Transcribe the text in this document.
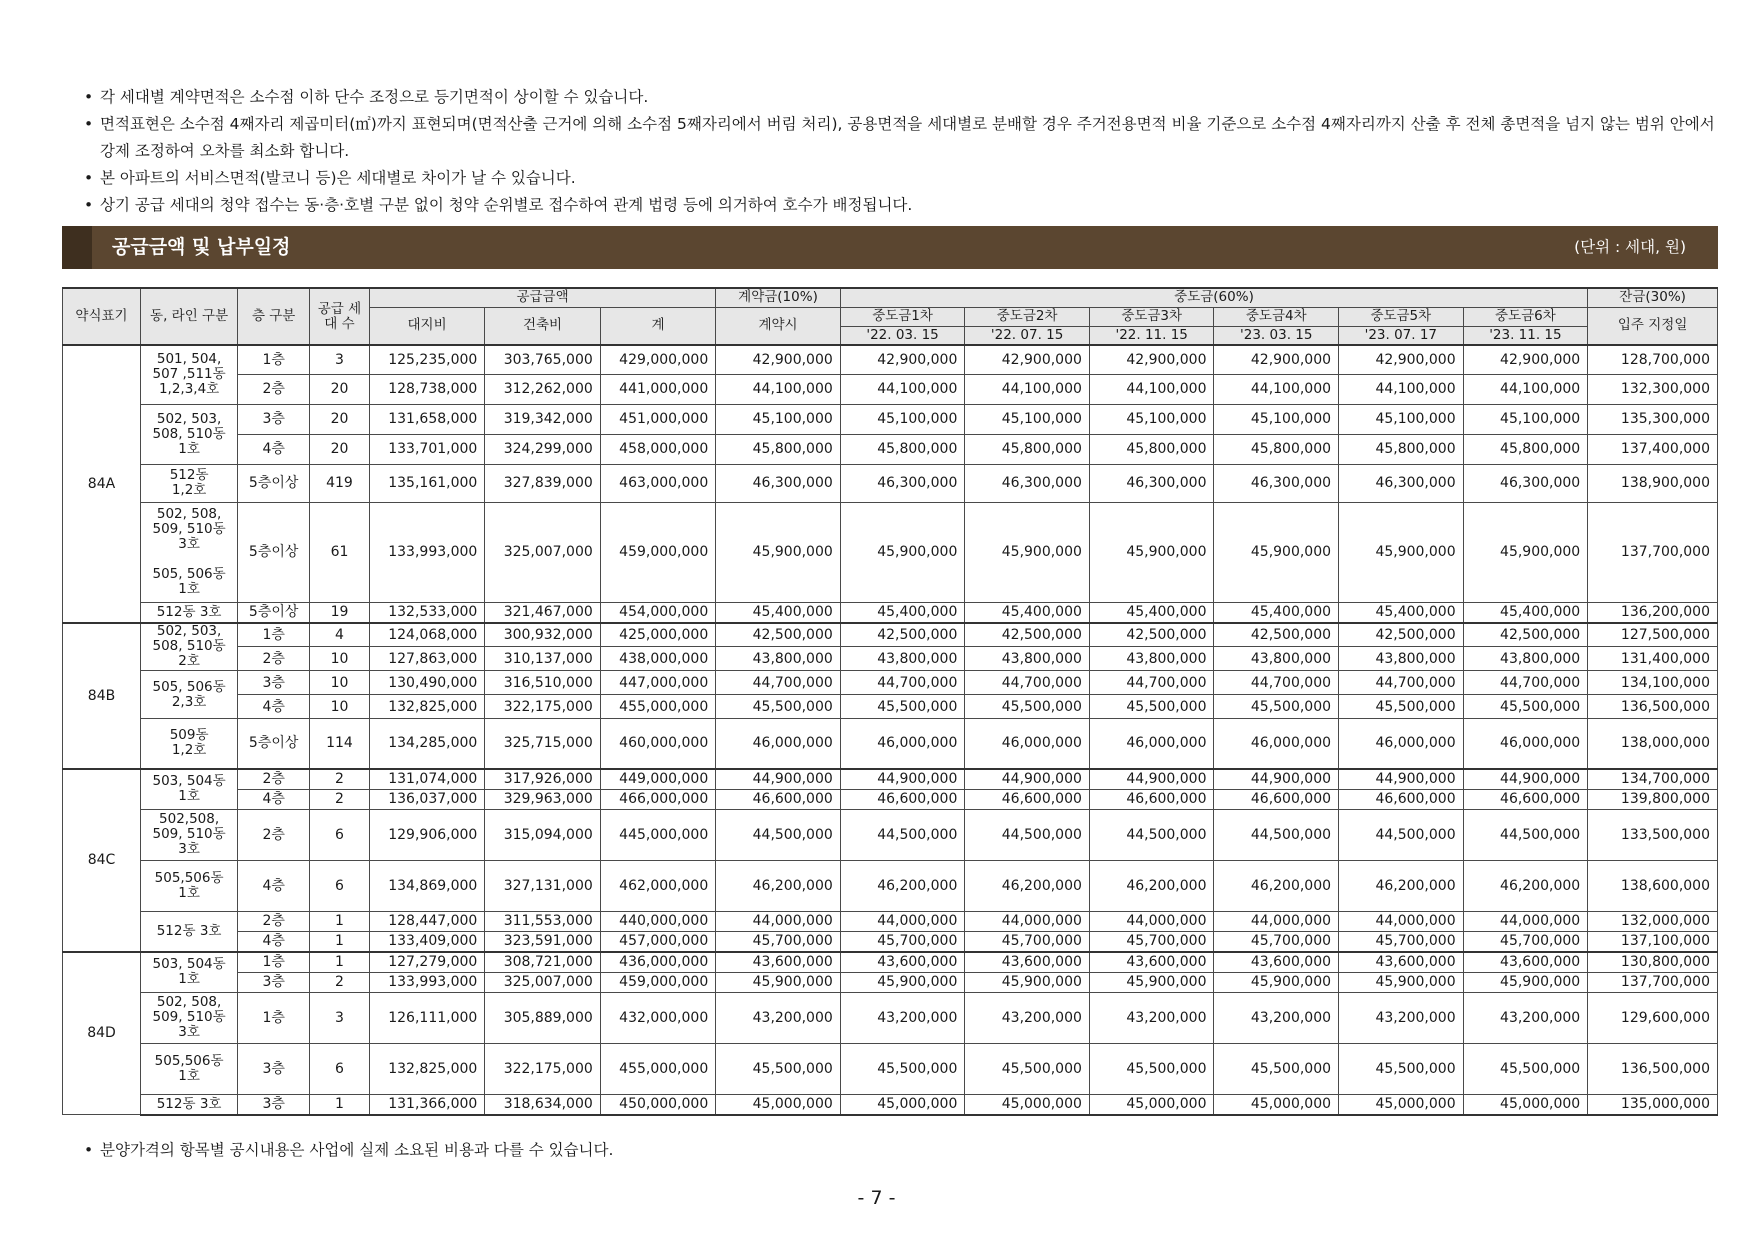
• 각 세대별 계약면적은 소수점 이하 단수 조정으로 등기면적이 상이할 수 있습니다.
• 면적표현은 소수점 4째자리 제곱미터(㎡)까지 표현되며(면적산출 근거에 의해 소수점 5째자리에서 버림 처리), 공용면적을 세대별로 분배할 경우 주거전용면적 비율 기준으로 소수점 4째자리까지 산출 후 전체 총면적을 넘지 않는 범위 안에서 강제 조정하여 오차를 최소화 합니다.
• 본 아파트의 서비스면적(발코니 등)은 세대별로 차이가 날 수 있습니다.
• 상기 공급 세대의 청약 접수는 동·층·호별 구분 없이 청약 순위별로 접수하여 관계 법령 등에 의거하여 호수가 배정됩니다.
공급금액 및 납부일정	(단위 : 세대, 원)
약식표기	동, 라인 구분	층 구분	공급 세대 수	공급금액			계약금(10%)	중도금(60%)						잔금(30%)
				대지비	건축비	계	계약시	중도금1차	중도금2차	중도금3차	중도금4차	중도금5차	중도금6차	입주 지정일
								'22. 03. 15	'22. 07. 15	'22. 11. 15	'23. 03. 15	'23. 07. 17	'23. 11. 15	
84A	501, 504,
507 ,511동
1,2,3,4호	1층	3	125,235,000	303,765,000	429,000,000	42,900,000	42,900,000	42,900,000	42,900,000	42,900,000	42,900,000	42,900,000	128,700,000
		2층	20	128,738,000	312,262,000	441,000,000	44,100,000	44,100,000	44,100,000	44,100,000	44,100,000	44,100,000	44,100,000	132,300,000
	502, 503,
508, 510동
1호	3층	20	131,658,000	319,342,000	451,000,000	45,100,000	45,100,000	45,100,000	45,100,000	45,100,000	45,100,000	45,100,000	135,300,000
		4층	20	133,701,000	324,299,000	458,000,000	45,800,000	45,800,000	45,800,000	45,800,000	45,800,000	45,800,000	45,800,000	137,400,000
	512동
1,2호	5층이상	419	135,161,000	327,839,000	463,000,000	46,300,000	46,300,000	46,300,000	46,300,000	46,300,000	46,300,000	46,300,000	138,900,000
	502, 508,
509, 510동
3호

505, 506동
1호	5층이상	61	133,993,000	325,007,000	459,000,000	45,900,000	45,900,000	45,900,000	45,900,000	45,900,000	45,900,000	45,900,000	137,700,000
	512동 3호	5층이상	19	132,533,000	321,467,000	454,000,000	45,400,000	45,400,000	45,400,000	45,400,000	45,400,000	45,400,000	45,400,000	136,200,000
84B	502, 503,
508, 510동
2호	1층	4	124,068,000	300,932,000	425,000,000	42,500,000	42,500,000	42,500,000	42,500,000	42,500,000	42,500,000	42,500,000	127,500,000
		2층	10	127,863,000	310,137,000	438,000,000	43,800,000	43,800,000	43,800,000	43,800,000	43,800,000	43,800,000	43,800,000	131,400,000
	505, 506동
2,3호	3층	10	130,490,000	316,510,000	447,000,000	44,700,000	44,700,000	44,700,000	44,700,000	44,700,000	44,700,000	44,700,000	134,100,000
		4층	10	132,825,000	322,175,000	455,000,000	45,500,000	45,500,000	45,500,000	45,500,000	45,500,000	45,500,000	45,500,000	136,500,000
	509동
1,2호	5층이상	114	134,285,000	325,715,000	460,000,000	46,000,000	46,000,000	46,000,000	46,000,000	46,000,000	46,000,000	46,000,000	138,000,000
84C	503, 504동
1호	2층	2	131,074,000	317,926,000	449,000,000	44,900,000	44,900,000	44,900,000	44,900,000	44,900,000	44,900,000	44,900,000	134,700,000
		4층	2	136,037,000	329,963,000	466,000,000	46,600,000	46,600,000	46,600,000	46,600,000	46,600,000	46,600,000	46,600,000	139,800,000
	502,508,
509, 510동
3호	2층	6	129,906,000	315,094,000	445,000,000	44,500,000	44,500,000	44,500,000	44,500,000	44,500,000	44,500,000	44,500,000	133,500,000
	505,506동
1호	4층	6	134,869,000	327,131,000	462,000,000	46,200,000	46,200,000	46,200,000	46,200,000	46,200,000	46,200,000	46,200,000	138,600,000
	512동 3호	2층	1	128,447,000	311,553,000	440,000,000	44,000,000	44,000,000	44,000,000	44,000,000	44,000,000	44,000,000	44,000,000	132,000,000
		4층	1	133,409,000	323,591,000	457,000,000	45,700,000	45,700,000	45,700,000	45,700,000	45,700,000	45,700,000	45,700,000	137,100,000
84D	503, 504동
1호	1층	1	127,279,000	308,721,000	436,000,000	43,600,000	43,600,000	43,600,000	43,600,000	43,600,000	43,600,000	43,600,000	130,800,000
		3층	2	133,993,000	325,007,000	459,000,000	45,900,000	45,900,000	45,900,000	45,900,000	45,900,000	45,900,000	45,900,000	137,700,000
	502, 508,
509, 510동
3호	1층	3	126,111,000	305,889,000	432,000,000	43,200,000	43,200,000	43,200,000	43,200,000	43,200,000	43,200,000	43,200,000	129,600,000
	505,506동
1호	3층	6	132,825,000	322,175,000	455,000,000	45,500,000	45,500,000	45,500,000	45,500,000	45,500,000	45,500,000	45,500,000	136,500,000
	512동 3호	3층	1	131,366,000	318,634,000	450,000,000	45,000,000	45,000,000	45,000,000	45,000,000	45,000,000	45,000,000	45,000,000	135,000,000
• 분양가격의 항목별 공시내용은 사업에 실제 소요된 비용과 다를 수 있습니다.
- 7 -
